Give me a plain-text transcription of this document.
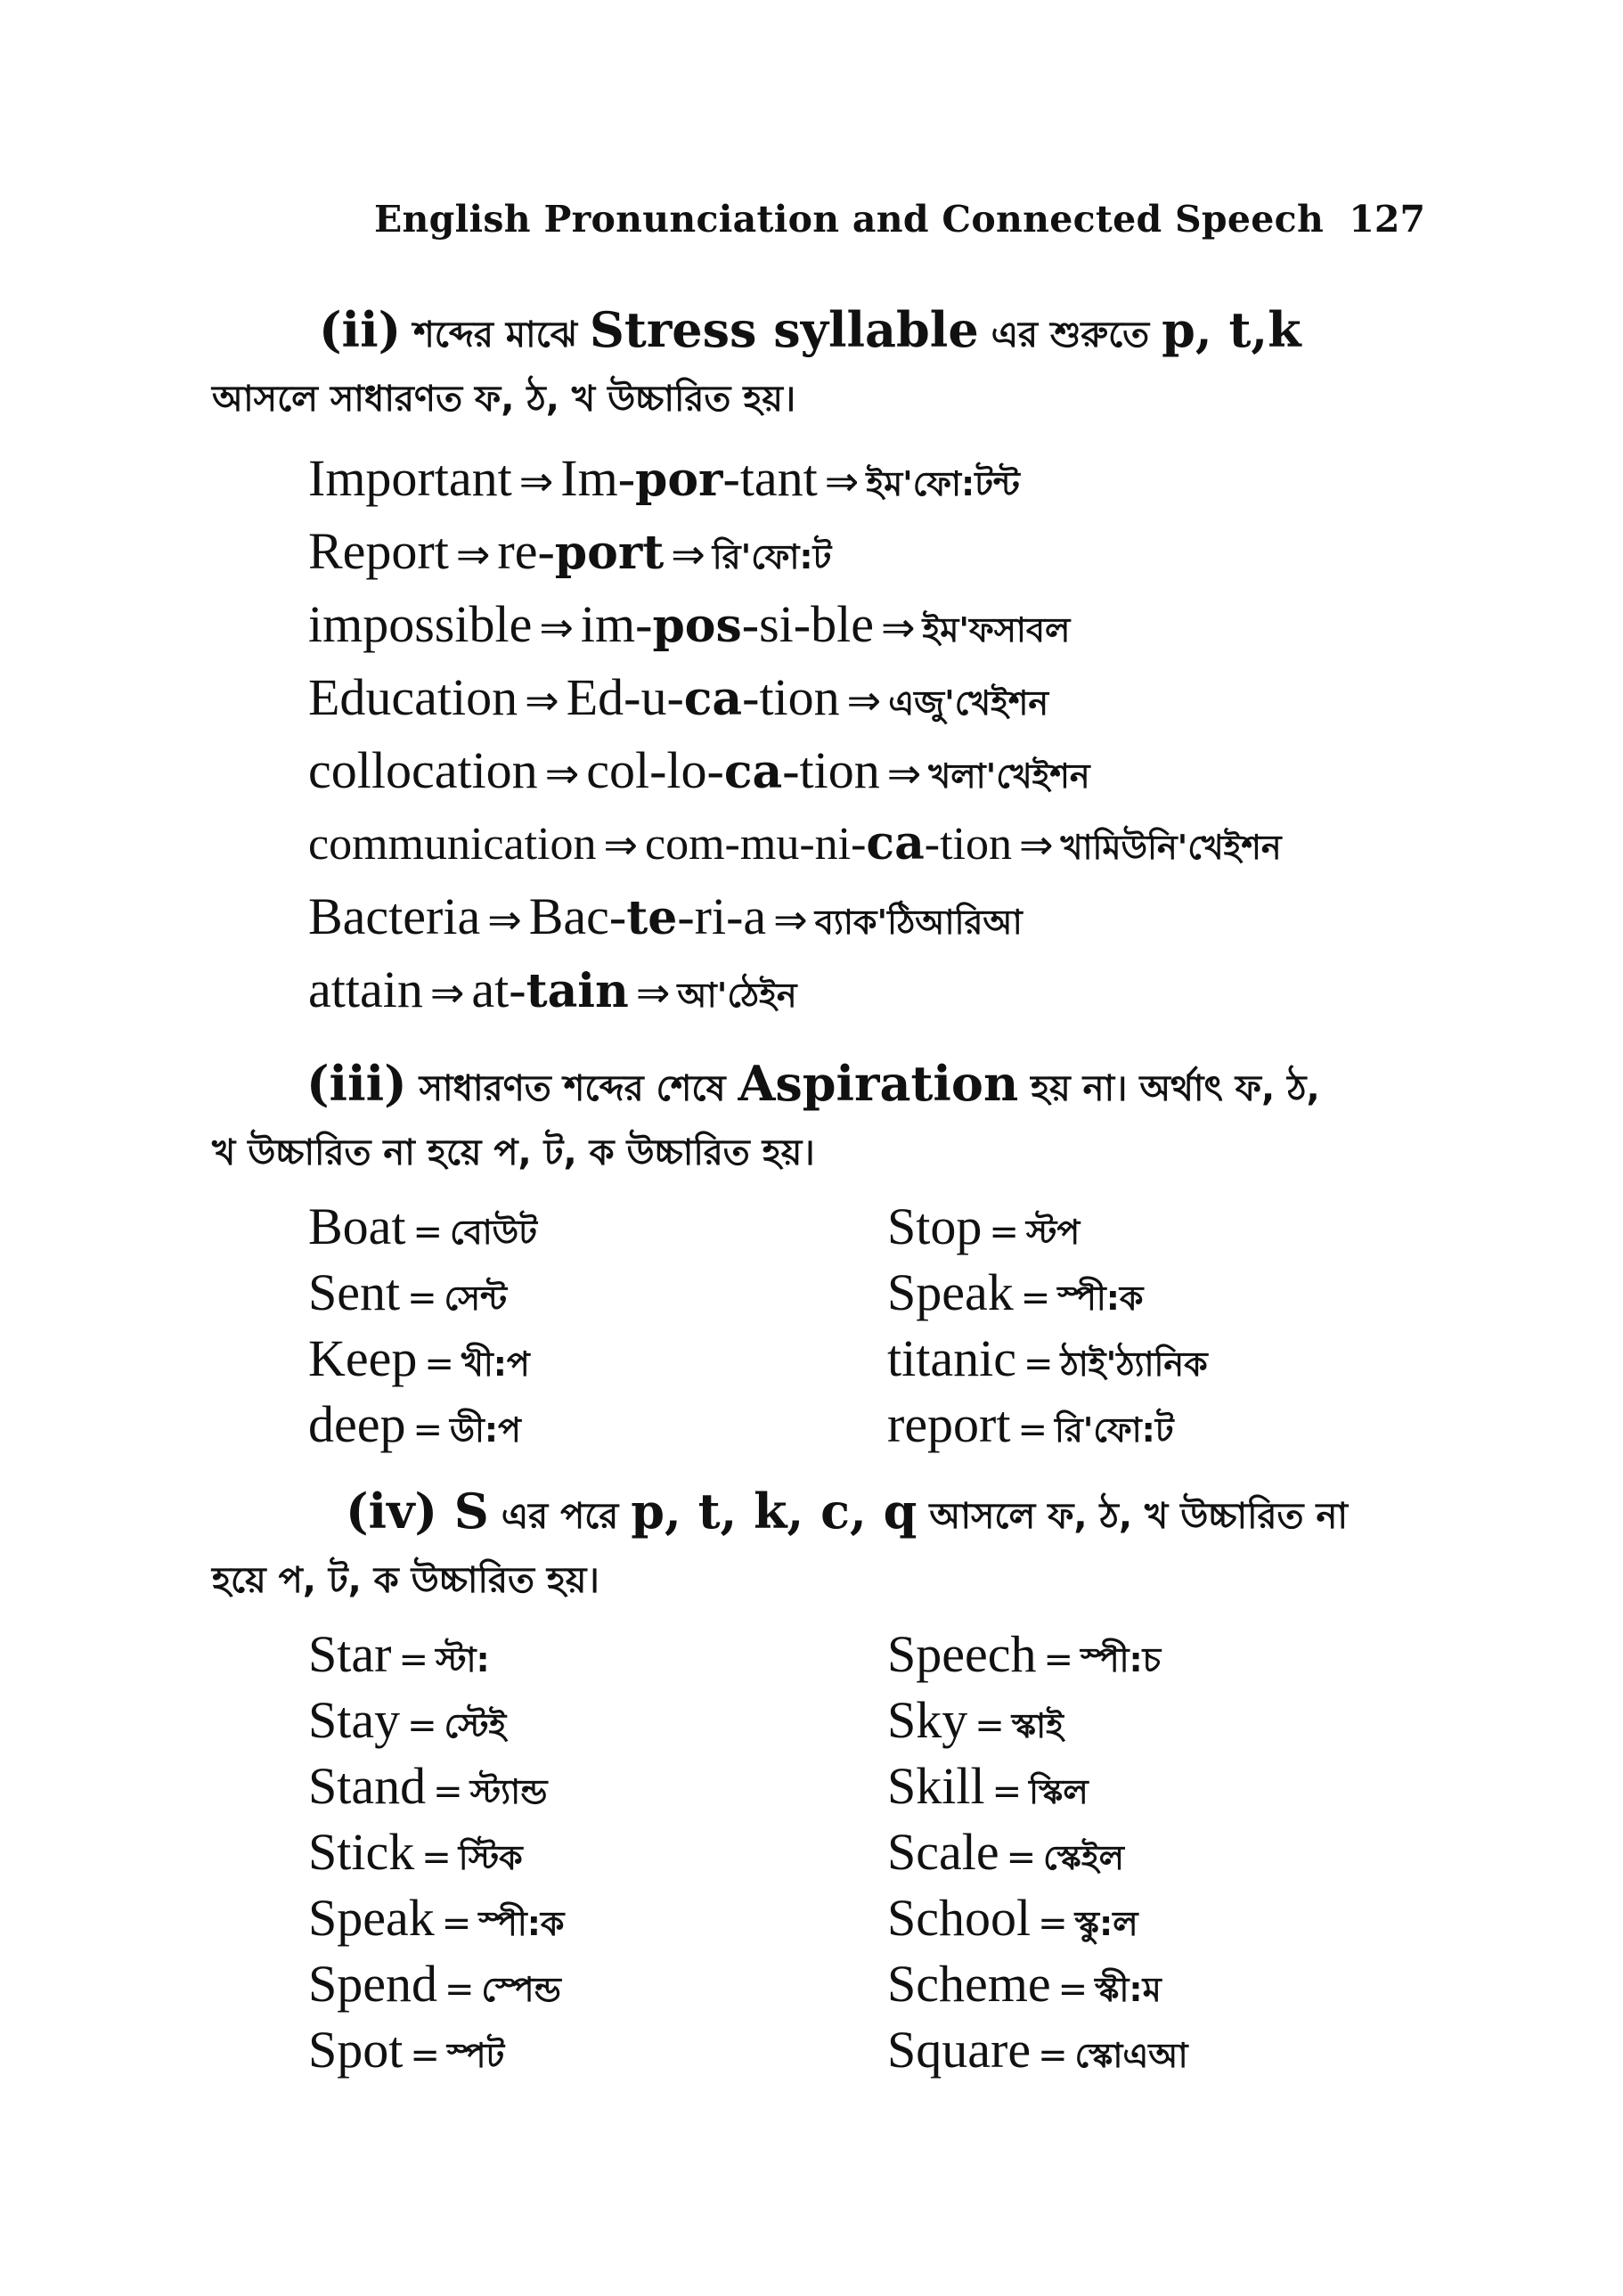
English Pronunciation and Connected Speech 127
(ii) শব্দের মাঝে Stress syllable এর শুরুতে p, t,k
আসলে সাধারণত ফ, ঠ, খ উচ্চারিত হয়।
Important ⇒ Im-por-tant ⇒ ইম'ফো:টন্ট
Report ⇒ re-port ⇒ রি'ফো:ট
impossible ⇒ im-pos-si-ble ⇒ ইম'ফসাবল
Education ⇒ Ed-u-ca-tion ⇒ এজু'খেইশন
collocation ⇒ col-lo-ca-tion ⇒ খলা'খেইশন
communication ⇒ com-mu-ni-ca-tion ⇒ খামিউনি'খেইশন
Bacteria ⇒ Bac-te-ri-a ⇒ ব্যাক'ঠিআরিআ
attain ⇒ at-tain ⇒ আ'ঠেইন
(iii) সাধারণত শব্দের শেষে Aspiration হয় না। অর্থাৎ ফ, ঠ,
খ উচ্চারিত না হয়ে প, ট, ক উচ্চারিত হয়।
Boat = বোউট
Sent = সেন্ট
Keep = খী:প
deep = ডী:প
Stop = স্টপ
Speak = স্পী:ক
titanic = ঠাই'ঠ্যানিক
report = রি'ফো:ট
(iv) S এর পরে p, t, k, c, q আসলে ফ, ঠ, খ উচ্চারিত না
হয়ে প, ট, ক উচ্চারিত হয়।
Star = স্টা:
Stay = স্টেই
Stand = স্ট্যান্ড
Stick = স্টিক
Speak = স্পী:ক
Spend = স্পেন্ড
Spot = স্পট
Speech = স্পী:চ
Sky = স্কাই
Skill = স্কিল
Scale = স্কেইল
School = স্কু:ল
Scheme = স্কী:ম
Square = স্কোএআ
